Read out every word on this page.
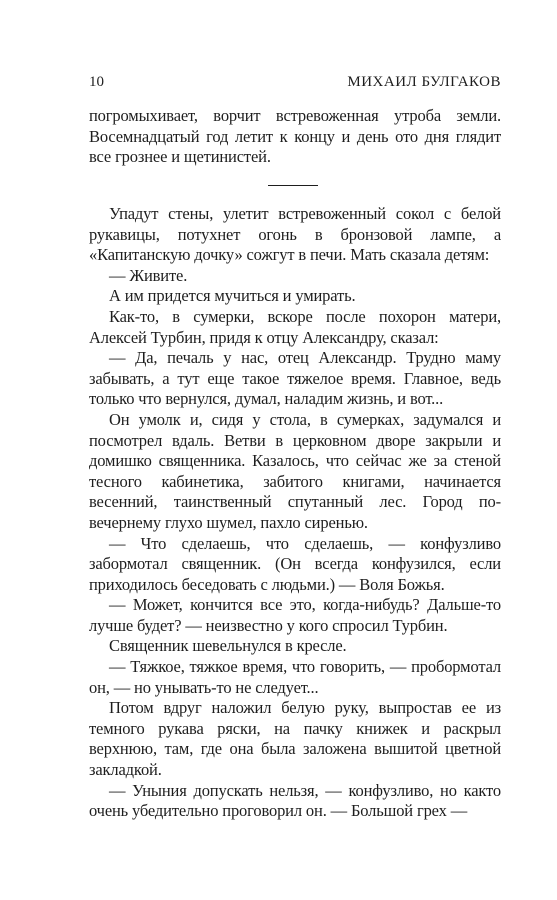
10	МИХАИЛ БУЛГАКОВ

погромыхивает, ворчит встревоженная утроба земли. Восемнадцатый год летит к концу и день ото дня глядит все грознее и щетинистей.

Упадут стены, улетит встревоженный сокол с белой рукавицы, потухнет огонь в бронзовой лампе, а «Капитанскую дочку» сожгут в печи. Мать сказала детям:

— Живите.

А им придется мучиться и умирать.

Как-то, в сумерки, вскоре после похорон матери, Алексей Турбин, придя к отцу Александру, сказал:

— Да, печаль у нас, отец Александр. Трудно маму забывать, а тут еще такое тяжелое время. Главное, ведь только что вернулся, думал, наладим жизнь, и вот...

Он умолк и, сидя у стола, в сумерках, задумался и посмотрел вдаль. Ветви в церковном дворе закрыли и домишко священника. Казалось, что сейчас же за стеной тесного кабинетика, забитого книгами, начинается весенний, таинственный спутанный лес. Город по-вечернему глухо шумел, пахло сиренью.

— Что сделаешь, что сделаешь, — конфузливо забормотал священник. (Он всегда конфузился, если приходилось беседовать с людьми.) — Воля Божья.

— Может, кончится все это, когда-нибудь? Дальше-то лучше будет? — неизвестно у кого спросил Турбин.

Священник шевельнулся в кресле.

— Тяжкое, тяжкое время, что говорить, — пробормотал он, — но унывать-то не следует...

Потом вдруг наложил белую руку, выпростав ее из темного рукава ряски, на пачку книжек и раскрыл верхнюю, там, где она была заложена вышитой цветной закладкой.

— Уныния допускать нельзя, — конфузливо, но както очень убедительно проговорил он. — Большой грех —
